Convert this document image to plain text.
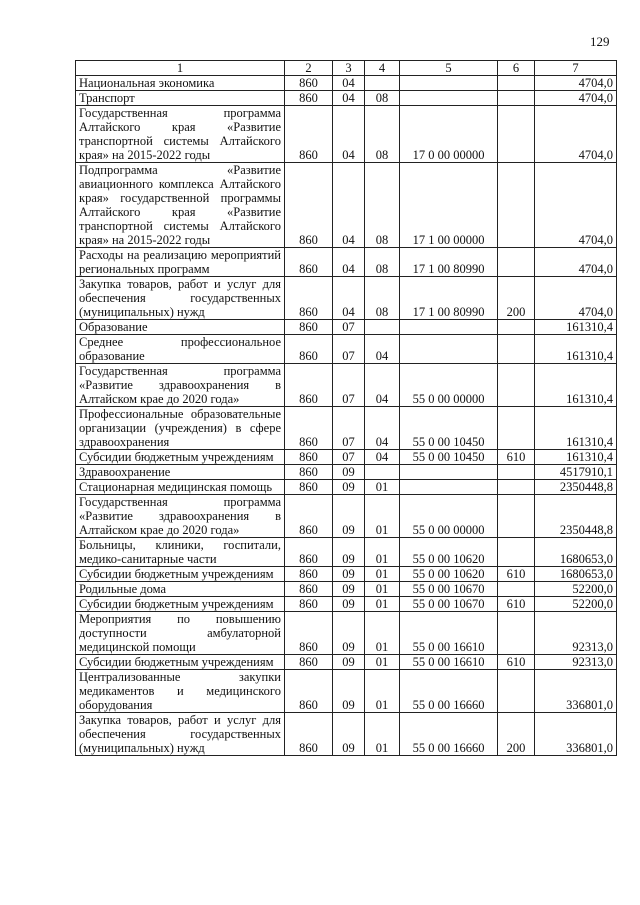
129
1	2	3	4	5	6	7
Национальная экономика	860	04				4704,0
Транспорт	860	04	08			4704,0
Государственная программа Алтайского края «Развитие транспортной системы Алтайского края» на 2015-2022 годы	860	04	08	17 0 00 00000		4704,0
Подпрограмма «Развитие авиационного комплекса Алтайского края» государственной программы Алтайского края «Развитие транспортной системы Алтайского края» на 2015-2022 годы	860	04	08	17 1 00 00000		4704,0
Расходы на реализацию мероприятий региональных программ	860	04	08	17 1 00 80990		4704,0
Закупка товаров, работ и услуг для обеспечения государственных (муниципальных) нужд	860	04	08	17 1 00 80990	200	4704,0
Образование	860	07				161310,4
Среднее профессиональное образование	860	07	04			161310,4
Государственная программа «Развитие здравоохранения в Алтайском крае до 2020 года»	860	07	04	55 0 00 00000		161310,4
Профессиональные образовательные организации (учреждения) в сфере здравоохранения	860	07	04	55 0 00 10450		161310,4
Субсидии бюджетным учреждениям	860	07	04	55 0 00 10450	610	161310,4
Здравоохранение	860	09				4517910,1
Стационарная медицинская помощь	860	09	01			2350448,8
Государственная программа «Развитие здравоохранения в Алтайском крае до 2020 года»	860	09	01	55 0 00 00000		2350448,8
Больницы, клиники, госпитали, медико-санитарные части	860	09	01	55 0 00 10620		1680653,0
Субсидии бюджетным учреждениям	860	09	01	55 0 00 10620	610	1680653,0
Родильные дома	860	09	01	55 0 00 10670		52200,0
Субсидии бюджетным учреждениям	860	09	01	55 0 00 10670	610	52200,0
Мероприятия по повышению доступности амбулаторной медицинской помощи	860	09	01	55 0 00 16610		92313,0
Субсидии бюджетным учреждениям	860	09	01	55 0 00 16610	610	92313,0
Централизованные закупки медикаментов и медицинского оборудования	860	09	01	55 0 00 16660		336801,0
Закупка товаров, работ и услуг для обеспечения государственных (муниципальных) нужд	860	09	01	55 0 00 16660	200	336801,0
